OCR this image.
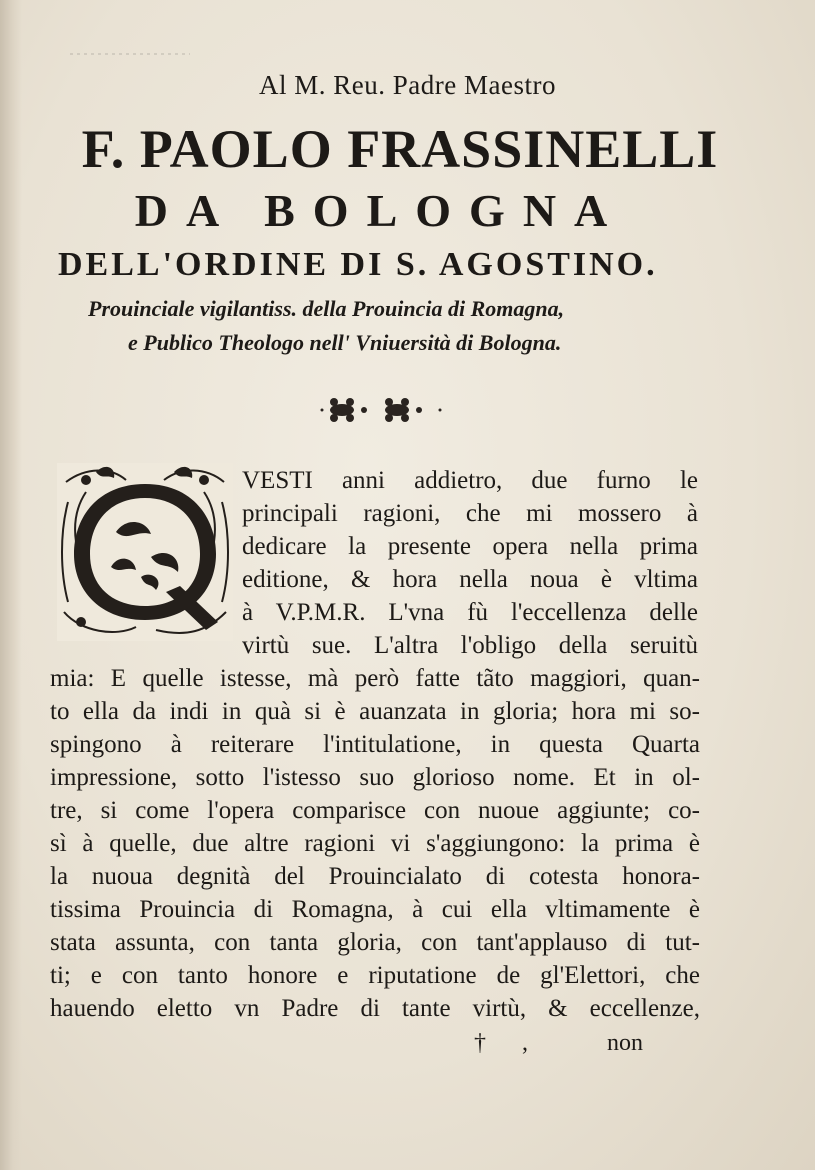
Al M. Reu. Padre Maestro
F. PAOLO FRASSINELLI
DA BOLOGNA
DELL'ORDINE DI S. AGOSTINO.
Prouinciale vigilantiss. della Prouincia di Romagna,
e Publico Theologo nell' Vniuersità di Bologna.
VESTI anni addietro, due furno le
principali ragioni, che mi mossero à
dedicare la presente opera nella prima
editione, & hora nella noua è vltima
à V.P.M.R. L'vna fù l'eccellenza delle
virtù sue. L'altra l'obligo della seruitù
mia: E quelle istesse, mà però fatte tãto maggiori, quan-
to ella da indi in quà si è auanzata in gloria; hora mi so-
spingono à reiterare l'intitulatione, in questa Quarta
impressione, sotto l'istesso suo glorioso nome. Et in ol-
tre, si come l'opera comparisce con nuoue aggiunte; co-
sì à quelle, due altre ragioni vi s'aggiungono: la prima è
la nuoua degnità del Prouincialato di cotesta honora-
tissima Prouincia di Romagna, à cui ella vltimamente è
stata assunta, con tanta gloria, con tant'applauso di tut-
ti; e con tanto honore e riputatione de gl'Elettori, che
hauendo eletto vn Padre di tante virtù, & eccellenze,
† ,	non
